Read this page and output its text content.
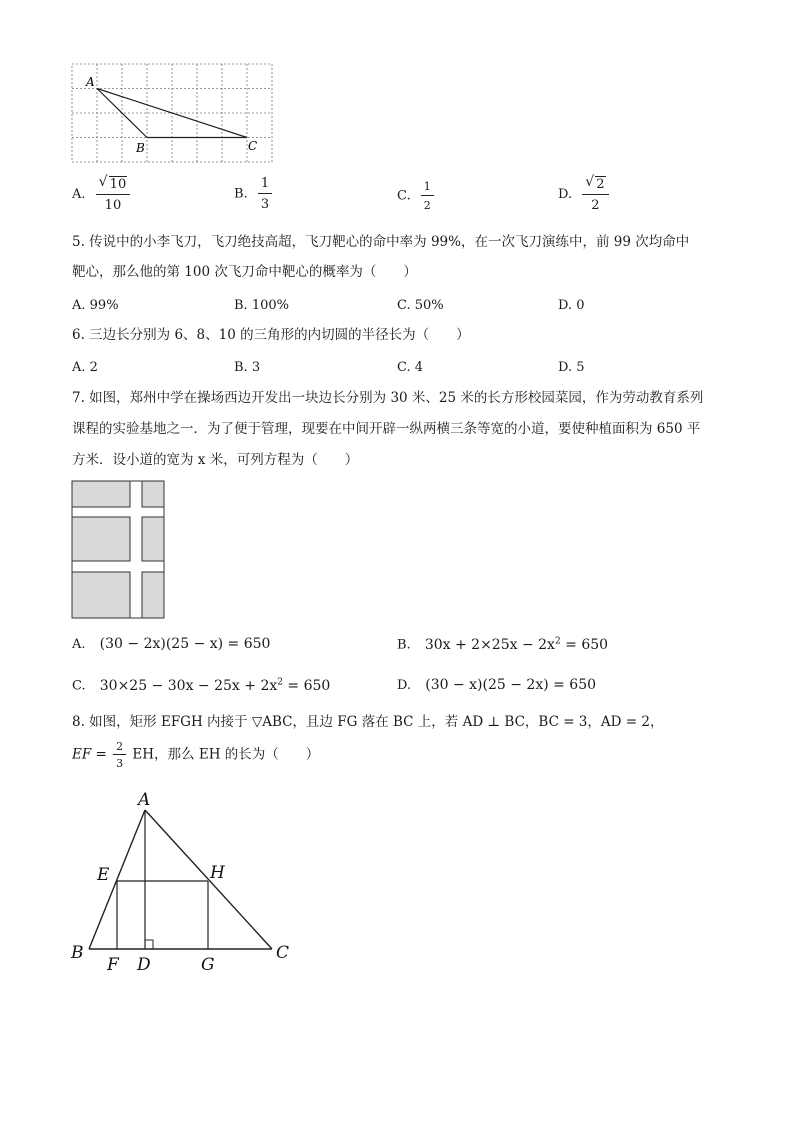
A
B	C
A. $\frac{√ 10}{10}$	B. $\frac{1}{3}$	C. $\frac{1}{2}$	D. $\frac{√ 2}{2}$
5. 传说中的小李飞刀，飞刀绝技高超，飞刀靶心的命中率为 99%，在一次飞刀演练中，前 99 次均命中
靶心，那么他的第 100 次飞刀命中靶心的概率为（　　）
A. 99%	B. 100%	C. 50%	D. 0
6. 三边长分别为 6、8、10 的三角形的内切圆的半径长为（　　）
A. 2	B. 3	C. 4	D. 5
7. 如图，郑州中学在操场西边开发出一块边长分别为 30 米、25 米的长方形校园菜园，作为劳动教育系列
课程的实验基地之一．为了便于管理，现要在中间开辟一纵两横三条等宽的小道，要使种植面积为 650 平
方米．设小道的宽为 x 米，可列方程为（　　）
A. (30 − 2x)(25 − x) = 650	B. $30x + 2\times 25x - 2x^2 = 650$
C. $30\times 25 - 30x - 25x + 2x^2 = 650$	D. (30 − x)(25 − 2x) = 650
8. 如图，矩形 EFGH 内接于 ▽ABC，且边 FG 落在 BC 上，若 AD ⊥ BC，BC = 3，AD = 2，
EF = $\frac{2}{3}$ EH，那么 EH 的长为（　　）
A
B	C
D
E
F	G
H
